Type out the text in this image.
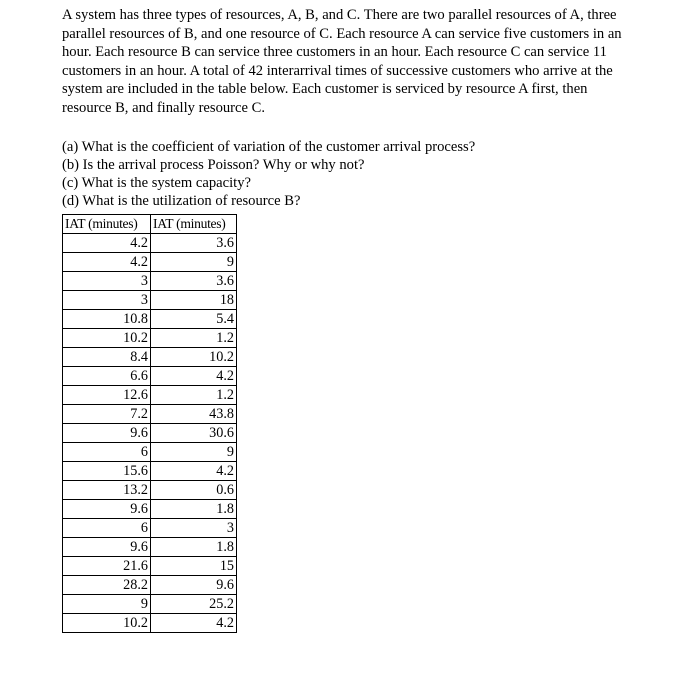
A system has three types of resources, A, B, and C. There are two parallel resources of A, three
parallel resources of B, and one resource of C. Each resource A can service five customers in an
hour. Each resource B can service three customers in an hour. Each resource C can service 11
customers in an hour. A total of 42 interarrival times of successive customers who arrive at the
system are included in the table below. Each customer is serviced by resource A first, then
resource B, and finally resource C.

(a) What is the coefficient of variation of the customer arrival process?
(b) Is the arrival process Poisson? Why or why not?
(c) What is the system capacity?
(d) What is the utilization of resource B?
IAT (minutes)	IAT (minutes)
4.2	3.6
4.2	9
3	3.6
3	18
10.8	5.4
10.2	1.2
8.4	10.2
6.6	4.2
12.6	1.2
7.2	43.8
9.6	30.6
6	9
15.6	4.2
13.2	0.6
9.6	1.8
6	3
9.6	1.8
21.6	15
28.2	9.6
9	25.2
10.2	4.2
